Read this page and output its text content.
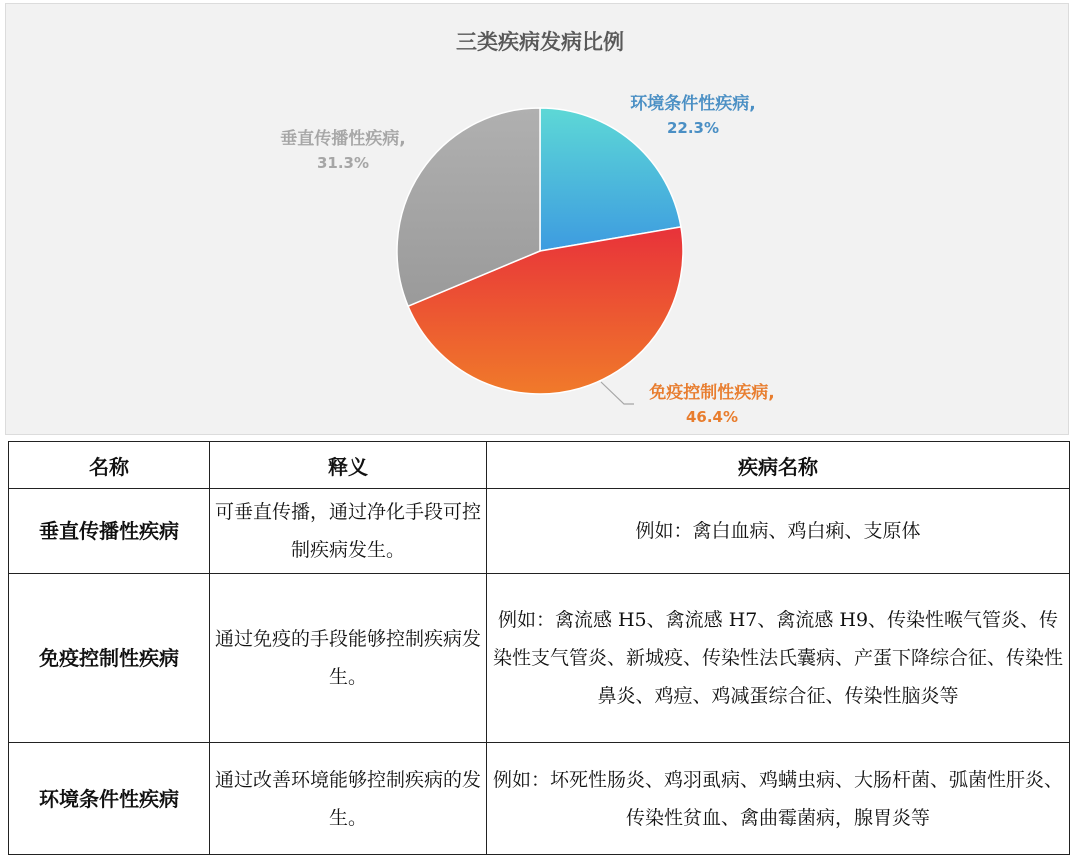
三类疾病发病比例
环境条件性疾病,
22.3%
免疫控制性疾病,
46.4%
垂直传播性疾病,
31.3%
名称	释义	疾病名称
垂直传播性疾病	可垂直传播，通过净化手段可控制疾病发生。	例如：禽白血病、鸡白痢、支原体
免疫控制性疾病	通过免疫的手段能够控制疾病发生。	例如：禽流感 H5、禽流感 H7、禽流感 H9、传染性喉气管炎、传染性支气管炎、新城疫、传染性法氏囊病、产蛋下降综合征、传染性鼻炎、鸡痘、鸡减蛋综合征、传染性脑炎等
环境条件性疾病	通过改善环境能够控制疾病的发生。	例如：坏死性肠炎、鸡羽虱病、鸡螨虫病、大肠杆菌、弧菌性肝炎、传染性贫血、禽曲霉菌病，腺胃炎等
